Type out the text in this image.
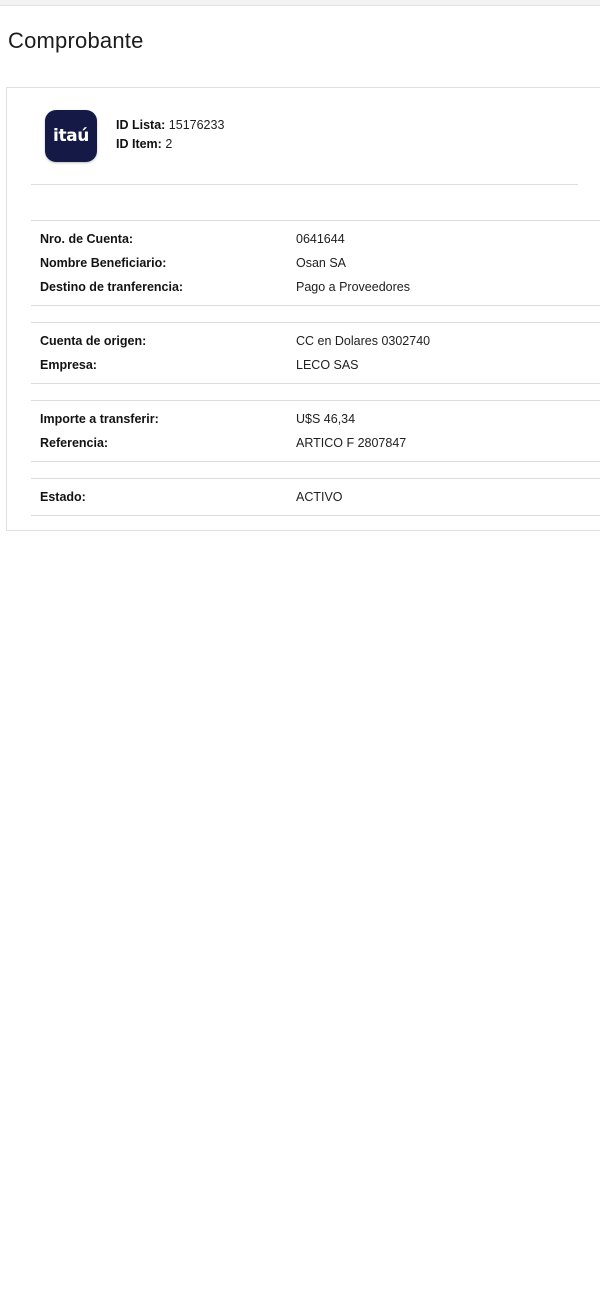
Comprobante
itaú
ID Lista: 15176233
ID Item: 2
Nro. de Cuenta:	0641644
Nombre Beneficiario:	Osan SA
Destino de tranferencia:	Pago a Proveedores
Cuenta de origen:	CC en Dolares 0302740
Empresa:	LECO SAS
Importe a transferir:	U$S 46,34
Referencia:	ARTICO F 2807847
Estado:	ACTIVO
